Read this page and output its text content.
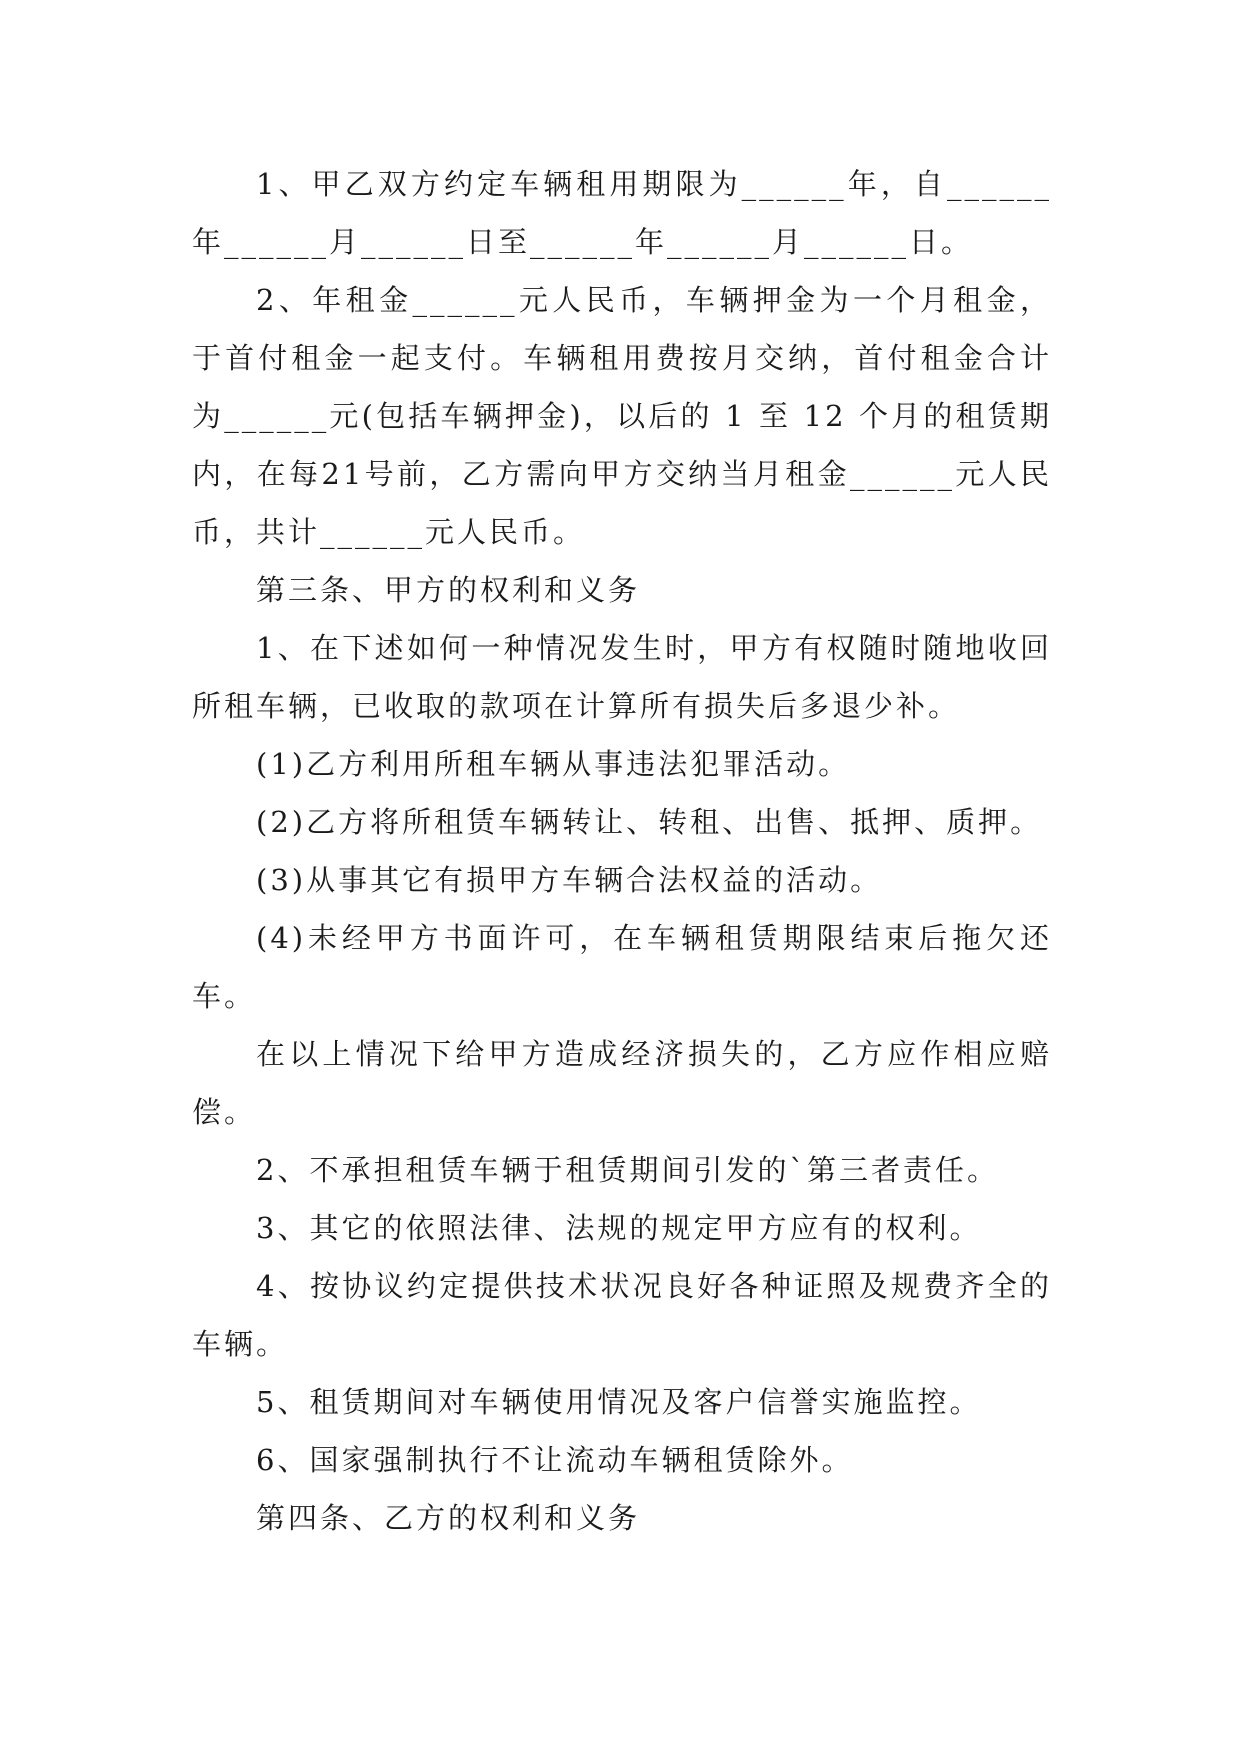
1、甲乙双方约定车辆租用期限为______年，自______年______月______日至______年______月______日。

2、年租金______元人民币，车辆押金为一个月租金，于首付租金一起支付。车辆租用费按月交纳，首付租金合计为______元(包括车辆押金)，以后的 1 至 12 个月的租赁期内，在每21号前，乙方需向甲方交纳当月租金______元人民币，共计______元人民币。

第三条、甲方的权利和义务

1、在下述如何一种情况发生时，甲方有权随时随地收回所租车辆，已收取的款项在计算所有损失后多退少补。

(1)乙方利用所租车辆从事违法犯罪活动。

(2)乙方将所租赁车辆转让、转租、出售、抵押、质押。

(3)从事其它有损甲方车辆合法权益的活动。

(4)未经甲方书面许可，在车辆租赁期限结束后拖欠还车。

在以上情况下给甲方造成经济损失的，乙方应作相应赔偿。

2、不承担租赁车辆于租赁期间引发的`第三者责任。

3、其它的依照法律、法规的规定甲方应有的权利。

4、按协议约定提供技术状况良好各种证照及规费齐全的车辆。

5、租赁期间对车辆使用情况及客户信誉实施监控。

6、国家强制执行不让流动车辆租赁除外。

第四条、乙方的权利和义务
